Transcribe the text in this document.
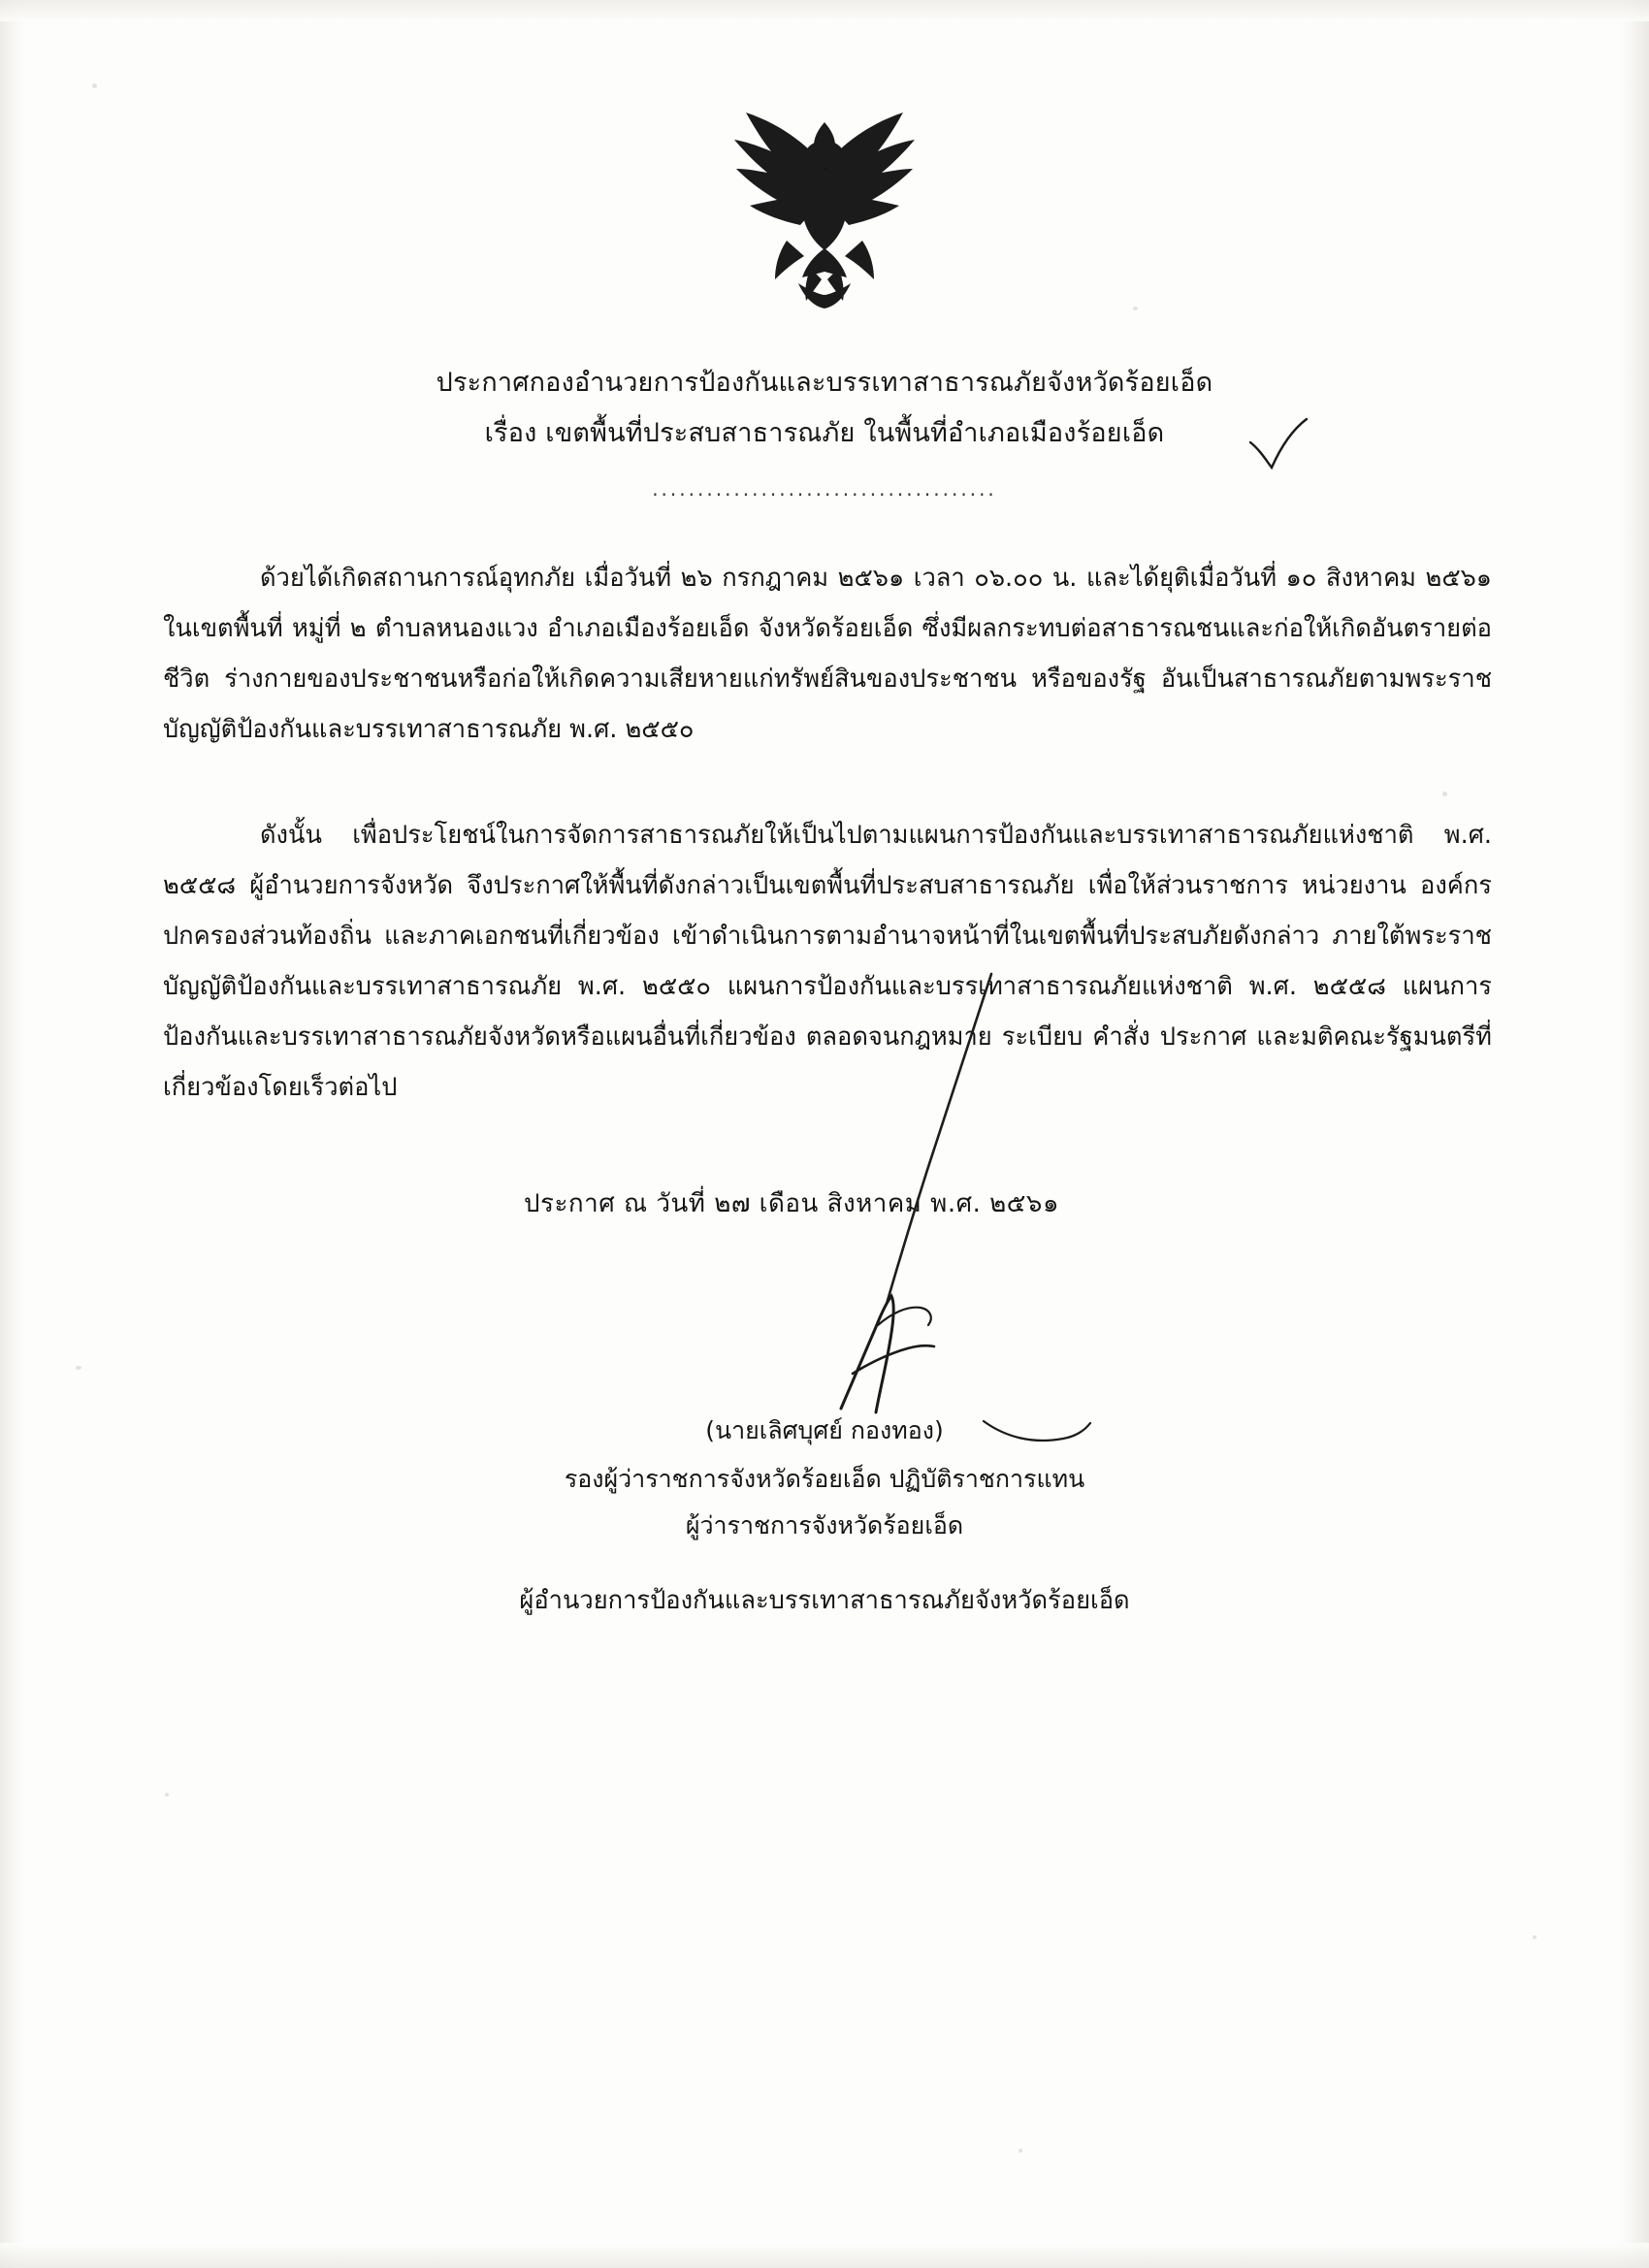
ประกาศกองอำนวยการป้องกันและบรรเทาสาธารณภัยจังหวัดร้อยเอ็ด
เรื่อง เขตพื้นที่ประสบสาธารณภัย ในพื้นที่อำเภอเมืองร้อยเอ็ด
......................................
ด้วยได้เกิดสถานการณ์อุทกภัย เมื่อวันที่ ๒๖ กรกฎาคม ๒๕๖๑ เวลา ๐๖.๐๐ น. และได้ยุติเมื่อวันที่ ๑๐ สิงหาคม ๒๕๖๑ ในเขตพื้นที่ หมู่ที่ ๒ ตำบลหนองแวง อำเภอเมืองร้อยเอ็ด จังหวัดร้อยเอ็ด ซึ่งมีผลกระทบต่อสาธารณชนและก่อให้เกิดอันตรายต่อชีวิต ร่างกายของประชาชนหรือก่อให้เกิดความเสียหายแก่ทรัพย์สินของประชาชน หรือของรัฐ อันเป็นสาธารณภัยตามพระราชบัญญัติป้องกันและบรรเทาสาธารณภัย พ.ศ. ๒๕๕๐
ดังนั้น เพื่อประโยชน์ในการจัดการสาธารณภัยให้เป็นไปตามแผนการป้องกันและบรรเทาสาธารณภัยแห่งชาติ พ.ศ. ๒๕๕๘ ผู้อำนวยการจังหวัด จึงประกาศให้พื้นที่ดังกล่าวเป็นเขตพื้นที่ประสบสาธารณภัย เพื่อให้ส่วนราชการ หน่วยงาน องค์กรปกครองส่วนท้องถิ่น และภาคเอกชนที่เกี่ยวข้อง เข้าดำเนินการตามอำนาจหน้าที่ในเขตพื้นที่ประสบภัยดังกล่าว ภายใต้พระราชบัญญัติป้องกันและบรรเทาสาธารณภัย พ.ศ. ๒๕๕๐ แผนการป้องกันและบรรเทาสาธารณภัยแห่งชาติ พ.ศ. ๒๕๕๘ แผนการป้องกันและบรรเทาสาธารณภัยจังหวัดหรือแผนอื่นที่เกี่ยวข้อง ตลอดจนกฎหมาย ระเบียบ คำสั่ง ประกาศ และมติคณะรัฐมนตรีที่เกี่ยวข้องโดยเร็วต่อไป
ประกาศ ณ วันที่ ๒๗ เดือน สิงหาคม พ.ศ. ๒๕๖๑
(นายเลิศบุศย์ กองทอง)
รองผู้ว่าราชการจังหวัดร้อยเอ็ด ปฏิบัติราชการแทน
ผู้ว่าราชการจังหวัดร้อยเอ็ด
ผู้อำนวยการป้องกันและบรรเทาสาธารณภัยจังหวัดร้อยเอ็ด
